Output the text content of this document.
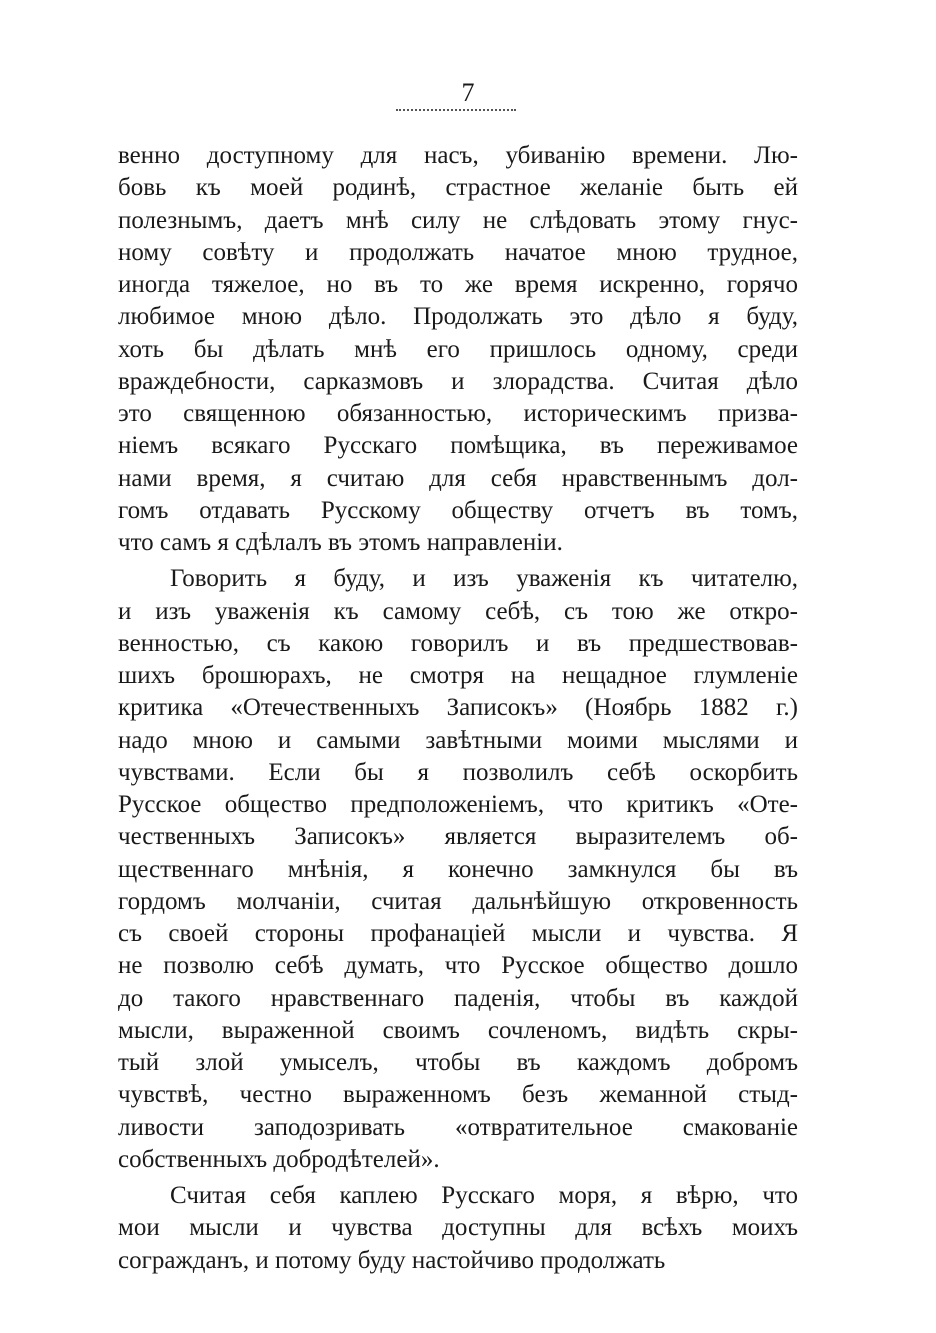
7
венно доступному для насъ, убиванію времени. Лю-
бовь къ моей родинѣ, страстное желаніе быть ей
полезнымъ, даетъ мнѣ силу не слѣдовать этому гнус-
ному совѣту и продолжать начатое мною трудное,
иногда тяжелое, но въ то же время искренно, горячо
любимое мною дѣло. Продолжать это дѣло я буду,
хоть бы дѣлать мнѣ его пришлось одному, среди
враждебности, сарказмовъ и злорадства. Считая дѣло
это священною обязанностью, историческимъ призва-
ніемъ всякаго Русскаго помѣщика, въ переживамое
нами время, я считаю для себя нравственнымъ дол-
гомъ отдавать Русскому обществу отчетъ въ томъ,
что самъ я сдѣлалъ въ этомъ направленіи.
Говорить я буду, и изъ уваженія къ читателю,
и изъ уваженія къ самому себѣ, съ тою же откро-
венностью, съ какою говорилъ и въ предшествовав-
шихъ брошюрахъ, не смотря на нещадное глумленіе
критика «Отечественныхъ Записокъ» (Ноябрь 1882 г.)
надо мною и самыми завѣтными моими мыслями и
чувствами. Если бы я позволилъ себѣ оскорбить
Русское общество предположеніемъ, что критикъ «Оте-
чественныхъ Записокъ» является выразителемъ об-
щественнаго мнѣнія, я конечно замкнулся бы въ
гордомъ молчаніи, считая дальнѣйшую откровенность
съ своей стороны профанаціей мысли и чувства. Я
не позволю себѣ думать, что Русское общество дошло
до такого нравственнаго паденія, чтобы въ каждой
мысли, выраженной своимъ сочленомъ, видѣть скры-
тый злой умыселъ, чтобы въ каждомъ добромъ
чувствѣ, честно выраженномъ безъ жеманной стыд-
ливости заподозривать «отвратительное смакованіе
собственныхъ добродѣтелей».
Считая себя каплею Русскаго моря, я вѣрю, что
мои мысли и чувства доступны для всѣхъ моихъ
согражданъ, и потому буду настойчиво продолжать
